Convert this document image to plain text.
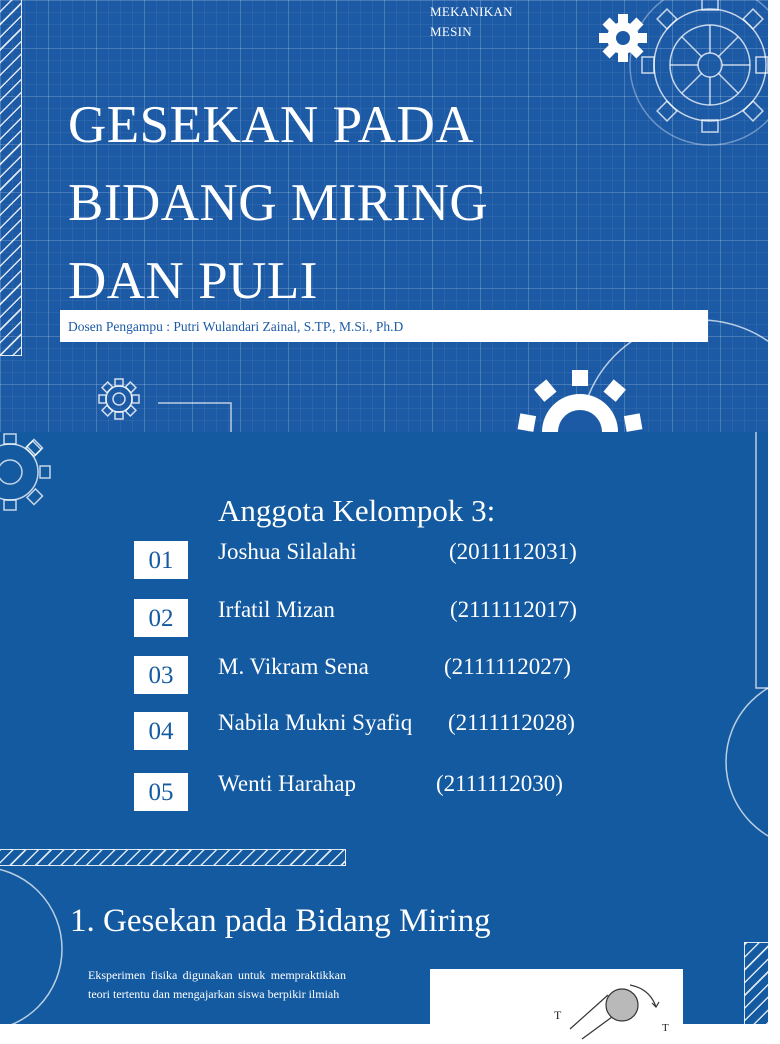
MEKANIKAN
MESIN
GESEKAN PADA
BIDANG MIRING
DAN PULI
Dosen Pengampu : Putri Wulandari Zainal, S.TP., M.Si., Ph.D
Anggota Kelompok 3:
01	Joshua Silalahi	(2011112031)
02	Irfatil Mizan	(2111112017)
03	M. Vikram Sena	(2111112027)
04	Nabila Mukni Syafiq (2111112028)
05	Wenti Harahap	(2111112030)
1. Gesekan pada Bidang Miring
Eksperimen fisika digunakan untuk mempraktikkan teori tertentu dan mengajarkan siswa berpikir ilmiah
T
T
